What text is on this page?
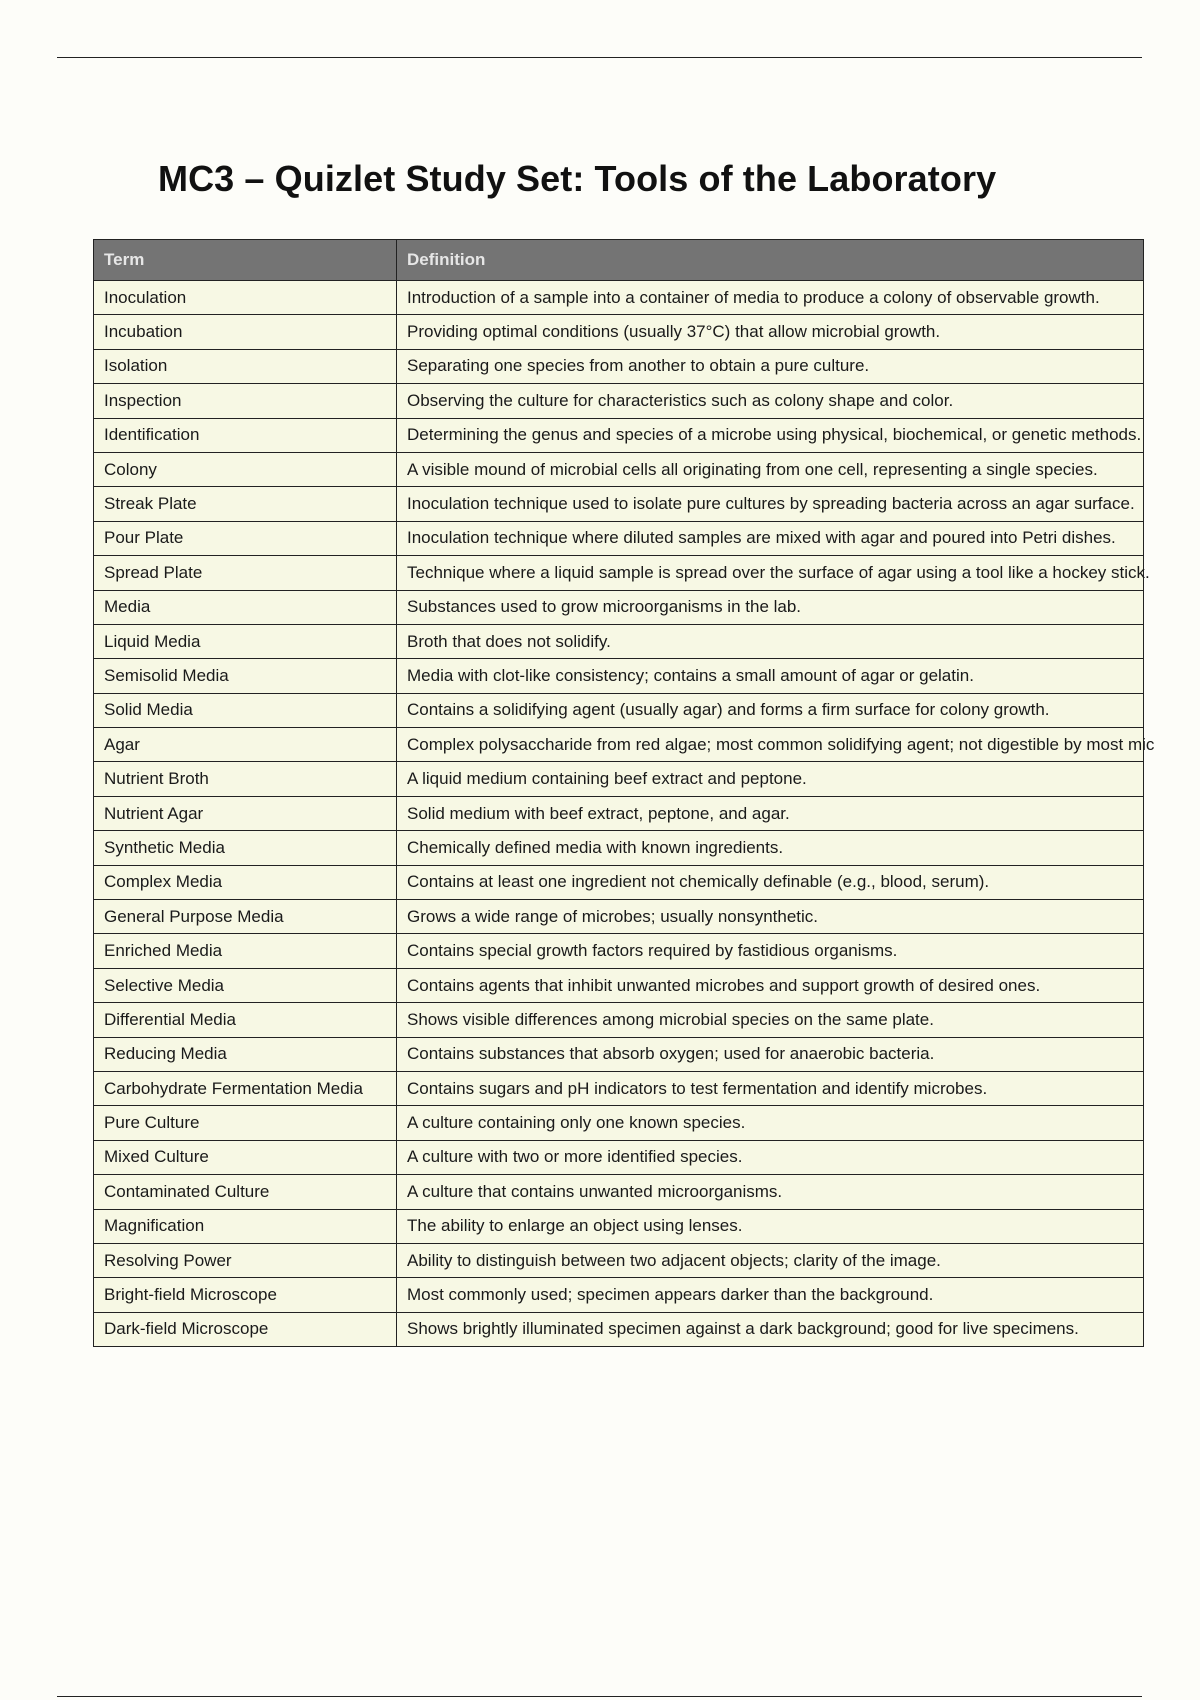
MC3 – Quizlet Study Set: Tools of the Laboratory
Term	Definition
Inoculation	Introduction of a sample into a container of media to produce a colony of observable growth.
Incubation	Providing optimal conditions (usually 37°C) that allow microbial growth.
Isolation	Separating one species from another to obtain a pure culture.
Inspection	Observing the culture for characteristics such as colony shape and color.
Identification	Determining the genus and species of a microbe using physical, biochemical, or genetic methods.
Colony	A visible mound of microbial cells all originating from one cell, representing a single species.
Streak Plate	Inoculation technique used to isolate pure cultures by spreading bacteria across an agar surface.
Pour Plate	Inoculation technique where diluted samples are mixed with agar and poured into Petri dishes.
Spread Plate	Technique where a liquid sample is spread over the surface of agar using a tool like a hockey stick.
Media	Substances used to grow microorganisms in the lab.
Liquid Media	Broth that does not solidify.
Semisolid Media	Media with clot-like consistency; contains a small amount of agar or gelatin.
Solid Media	Contains a solidifying agent (usually agar) and forms a firm surface for colony growth.
Agar	Complex polysaccharide from red algae; most common solidifying agent; not digestible by most mic
Nutrient Broth	A liquid medium containing beef extract and peptone.
Nutrient Agar	Solid medium with beef extract, peptone, and agar.
Synthetic Media	Chemically defined media with known ingredients.
Complex Media	Contains at least one ingredient not chemically definable (e.g., blood, serum).
General Purpose Media	Grows a wide range of microbes; usually nonsynthetic.
Enriched Media	Contains special growth factors required by fastidious organisms.
Selective Media	Contains agents that inhibit unwanted microbes and support growth of desired ones.
Differential Media	Shows visible differences among microbial species on the same plate.
Reducing Media	Contains substances that absorb oxygen; used for anaerobic bacteria.
Carbohydrate Fermentation Media	Contains sugars and pH indicators to test fermentation and identify microbes.
Pure Culture	A culture containing only one known species.
Mixed Culture	A culture with two or more identified species.
Contaminated Culture	A culture that contains unwanted microorganisms.
Magnification	The ability to enlarge an object using lenses.
Resolving Power	Ability to distinguish between two adjacent objects; clarity of the image.
Bright-field Microscope	Most commonly used; specimen appears darker than the background.
Dark-field Microscope	Shows brightly illuminated specimen against a dark background; good for live specimens.
